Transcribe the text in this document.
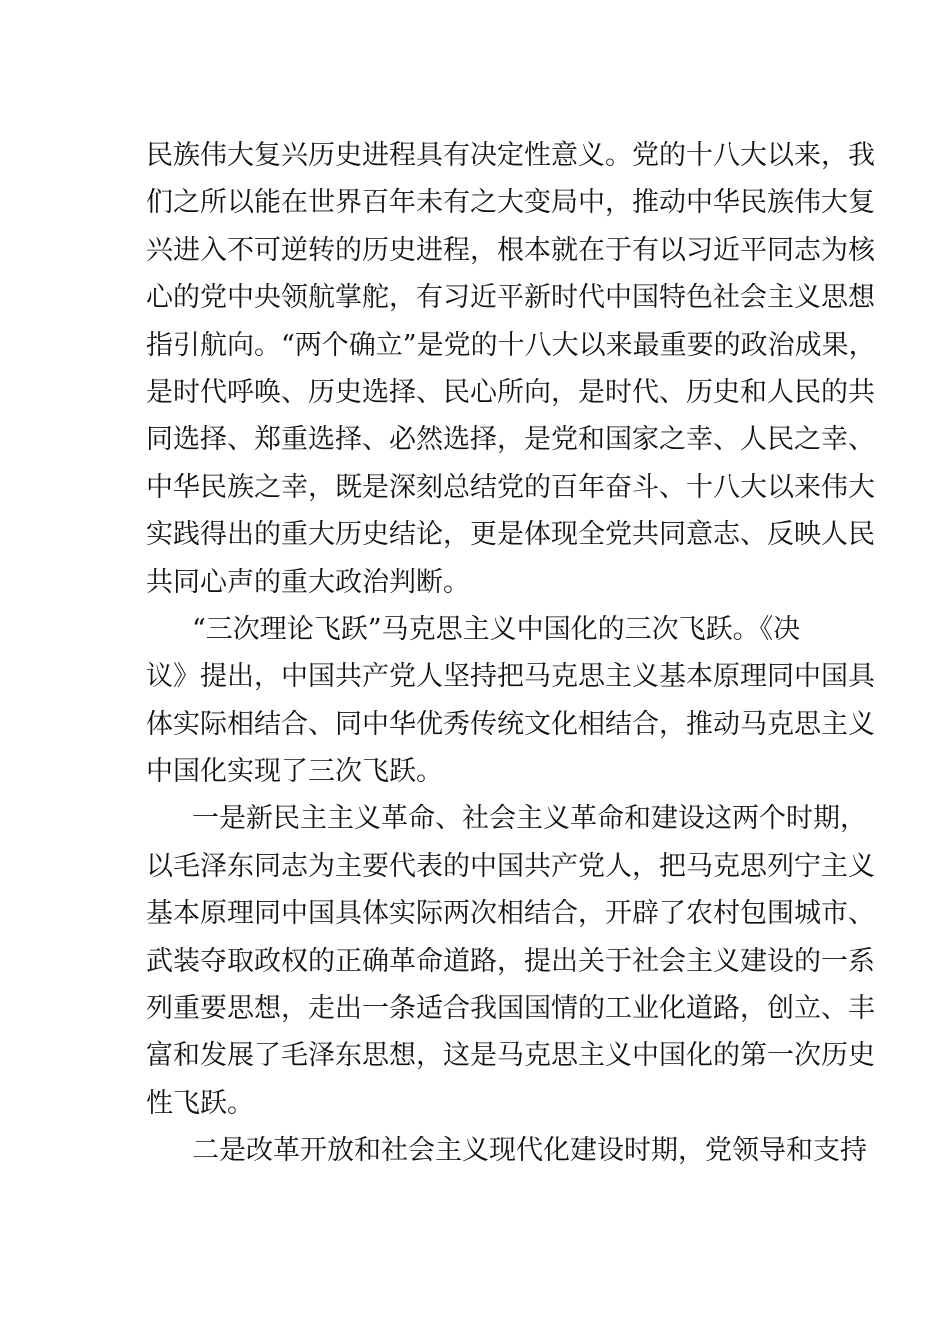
民族伟大复兴历史进程具有决定性意义。党的十八大以来，我
们之所以能在世界百年未有之大变局中，推动中华民族伟大复
兴进入不可逆转的历史进程，根本就在于有以习近平同志为核
心的党中央领航掌舵，有习近平新时代中国特色社会主义思想
指引航向。“两个确立”是党的十八大以来最重要的政治成果，
是时代呼唤、历史选择、民心所向，是时代、历史和人民的共
同选择、郑重选择、必然选择，是党和国家之幸、人民之幸、
中华民族之幸，既是深刻总结党的百年奋斗、十八大以来伟大
实践得出的重大历史结论，更是体现全党共同意志、反映人民
共同心声的重大政治判断。
“三次理论飞跃”马克思主义中国化的三次飞跃。《决
议》提出，中国共产党人坚持把马克思主义基本原理同中国具
体实际相结合、同中华优秀传统文化相结合，推动马克思主义
中国化实现了三次飞跃。
一是新民主主义革命、社会主义革命和建设这两个时期，
以毛泽东同志为主要代表的中国共产党人，把马克思列宁主义
基本原理同中国具体实际两次相结合，开辟了农村包围城市、
武装夺取政权的正确革命道路，提出关于社会主义建设的一系
列重要思想，走出一条适合我国国情的工业化道路，创立、丰
富和发展了毛泽东思想，这是马克思主义中国化的第一次历史
性飞跃。
二是改革开放和社会主义现代化建设时期，党领导和支持
